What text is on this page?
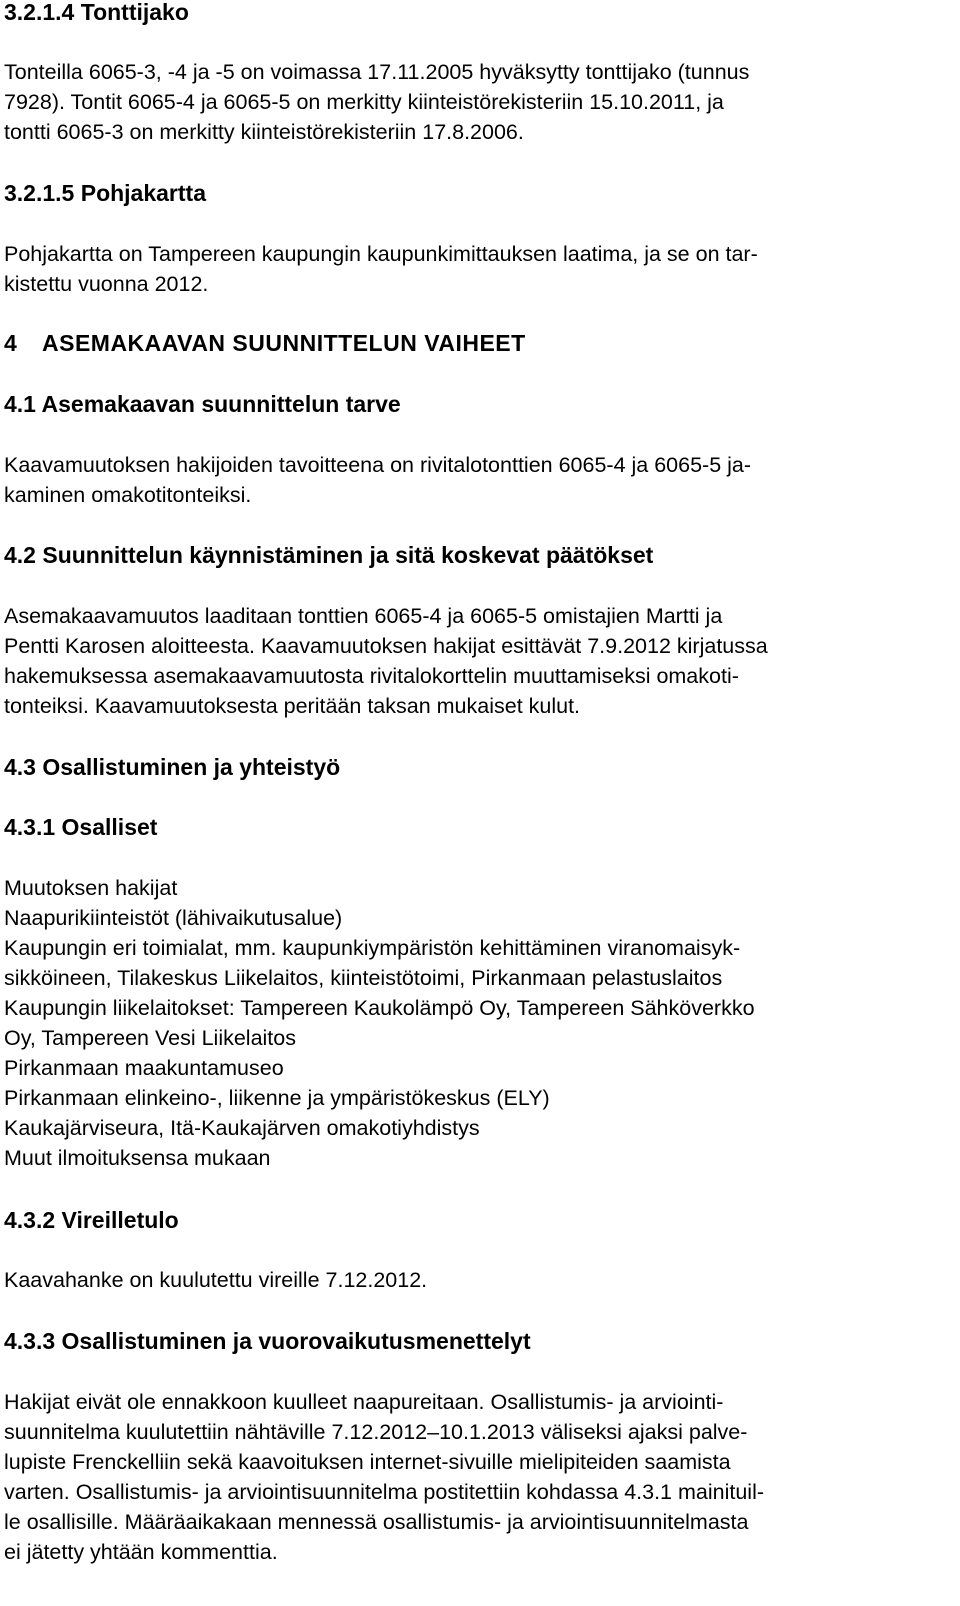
3.2.1.4 Tonttijako
Tonteilla 6065-3, -4 ja -5 on voimassa 17.11.2005 hyväksytty tonttijako (tunnus
7928). Tontit 6065-4 ja 6065-5 on merkitty kiinteistörekisteriin 15.10.2011, ja
tontti 6065-3 on merkitty kiinteistörekisteriin 17.8.2006.
3.2.1.5 Pohjakartta
Pohjakartta on Tampereen kaupungin kaupunkimittauksen laatima, ja se on tar-
kistettu vuonna 2012.
4 ASEMAKAAVAN SUUNNITTELUN VAIHEET
4.1 Asemakaavan suunnittelun tarve
Kaavamuutoksen hakijoiden tavoitteena on rivitalotonttien 6065-4 ja 6065-5 ja-
kaminen omakotitonteiksi.
4.2 Suunnittelun käynnistäminen ja sitä koskevat päätökset
Asemakaavamuutos laaditaan tonttien 6065-4 ja 6065-5 omistajien Martti ja
Pentti Karosen aloitteesta. Kaavamuutoksen hakijat esittävät 7.9.2012 kirjatussa
hakemuksessa asemakaavamuutosta rivitalokorttelin muuttamiseksi omakoti-
tonteiksi. Kaavamuutoksesta peritään taksan mukaiset kulut.
4.3 Osallistuminen ja yhteistyö
4.3.1 Osalliset
Muutoksen hakijat
Naapurikiinteistöt (lähivaikutusalue)
Kaupungin eri toimialat, mm. kaupunkiympäristön kehittäminen viranomaisyk-
sikköineen, Tilakeskus Liikelaitos, kiinteistötoimi, Pirkanmaan pelastuslaitos
Kaupungin liikelaitokset: Tampereen Kaukolämpö Oy, Tampereen Sähköverkko
Oy, Tampereen Vesi Liikelaitos
Pirkanmaan maakuntamuseo
Pirkanmaan elinkeino-, liikenne ja ympäristökeskus (ELY)
Kaukajärviseura, Itä-Kaukajärven omakotiyhdistys
Muut ilmoituksensa mukaan
4.3.2 Vireilletulo
Kaavahanke on kuulutettu vireille 7.12.2012.
4.3.3 Osallistuminen ja vuorovaikutusmenettelyt
Hakijat eivät ole ennakkoon kuulleet naapureitaan. Osallistumis- ja arviointi-
suunnitelma kuulutettiin nähtäville 7.12.2012–10.1.2013 väliseksi ajaksi palve-
lupiste Frenckelliin sekä kaavoituksen internet-sivuille mielipiteiden saamista
varten. Osallistumis- ja arviointisuunnitelma postitettiin kohdassa 4.3.1 mainituil-
le osallisille. Määräaikakaan mennessä osallistumis- ja arviointisuunnitelmasta
ei jätetty yhtään kommenttia.
